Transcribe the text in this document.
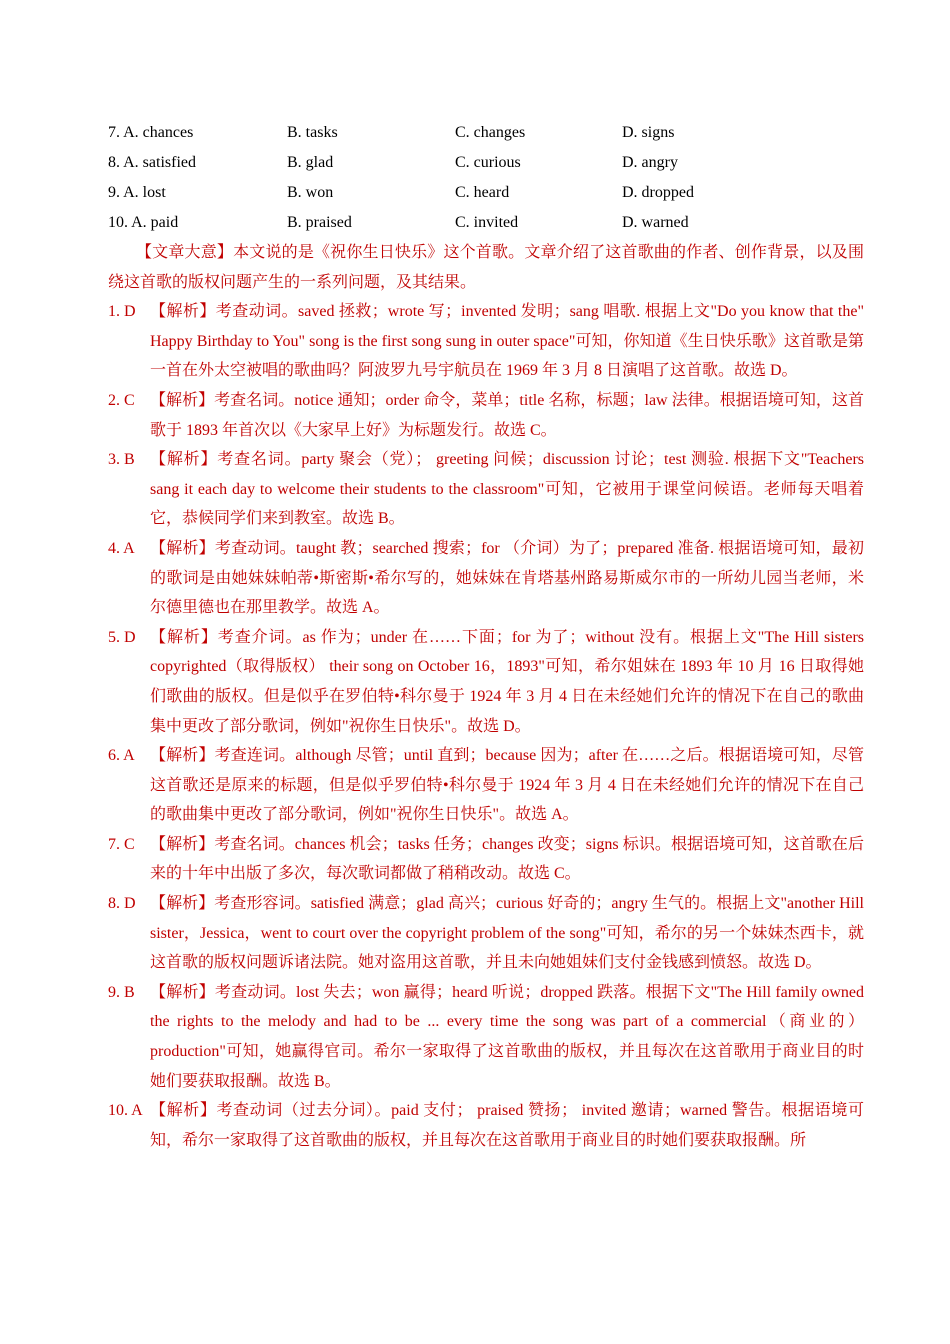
7. A. chances	B. tasks	C. changes	D. signs
8. A. satisfied	B. glad	C. curious	D. angry
9. A. lost	B. won	C. heard	D. dropped
10. A. paid	B. praised	C. invited	D. warned

【文章大意】本文说的是《祝你生日快乐》这个首歌。文章介绍了这首歌曲的作者、创作背景，以及围绕这首歌的版权问题产生的一系列问题，及其结果。

1. D 【解析】考查动词。saved 拯救；wrote 写；invented 发明；sang 唱歌. 根据上文"Do you know that the" Happy Birthday to You" song is the first song sung in outer space"可知，你知道《生日快乐歌》这首歌是第一首在外太空被唱的歌曲吗？阿波罗九号宇航员在 1969 年 3 月 8 日演唱了这首歌。故选 D。

2. C 【解析】考查名词。notice 通知；order 命令，菜单；title 名称，标题；law 法律。根据语境可知，这首歌于 1893 年首次以《大家早上好》为标题发行。故选 C。

3. B 【解析】考查名词。party 聚会（党）； greeting 问候；discussion 讨论；test 测验. 根据下文"Teachers sang it each day to welcome their students to the classroom"可知，它被用于课堂问候语。老师每天唱着它，恭候同学们来到教室。故选 B。

4. A 【解析】考查动词。taught 教；searched 搜索；for （介词）为了；prepared 准备. 根据语境可知，最初的歌词是由她妹妹帕蒂•斯密斯•希尔写的，她妹妹在肯塔基州路易斯威尔市的一所幼儿园当老师，米尔德里德也在那里教学。故选 A。

5. D 【解析】考查介词。as 作为；under 在……下面；for 为了；without 没有。根据上文"The Hill sisters copyrighted（取得版权） their song on October 16，1893"可知，希尔姐妹在 1893 年 10 月 16 日取得她们歌曲的版权。但是似乎在罗伯特•科尔曼于 1924 年 3 月 4 日在未经她们允许的情况下在自己的歌曲集中更改了部分歌词，例如"祝你生日快乐"。故选 D。

6. A 【解析】考查连词。although 尽管；until 直到；because 因为；after 在……之后。根据语境可知，尽管这首歌还是原来的标题，但是似乎罗伯特•科尔曼于 1924 年 3 月 4 日在未经她们允许的情况下在自己的歌曲集中更改了部分歌词，例如"祝你生日快乐"。故选 A。

7. C 【解析】考查名词。chances 机会；tasks 任务；changes 改变；signs 标识。根据语境可知，这首歌在后来的十年中出版了多次，每次歌词都做了稍稍改动。故选 C。

8. D 【解析】考查形容词。satisfied 满意；glad 高兴；curious 好奇的；angry 生气的。根据上文"another Hill sister，Jessica，went to court over the copyright problem of the song"可知，希尔的另一个妹妹杰西卡，就这首歌的版权问题诉诸法院。她对盗用这首歌，并且未向她姐妹们支付金钱感到愤怒。故选 D。

9. B 【解析】考查动词。lost 失去；won 赢得；heard 听说；dropped 跌落。根据下文"The Hill family owned the rights to the melody and had to be ... every time the song was part of a commercial（商业的） production"可知，她赢得官司。希尔一家取得了这首歌曲的版权，并且每次在这首歌用于商业目的时她们要获取报酬。故选 B。

10. A 【解析】考查动词（过去分词）。paid 支付； praised 赞扬； invited 邀请；warned 警告。根据语境可知，希尔一家取得了这首歌曲的版权，并且每次在这首歌用于商业目的时她们要获取报酬。所
